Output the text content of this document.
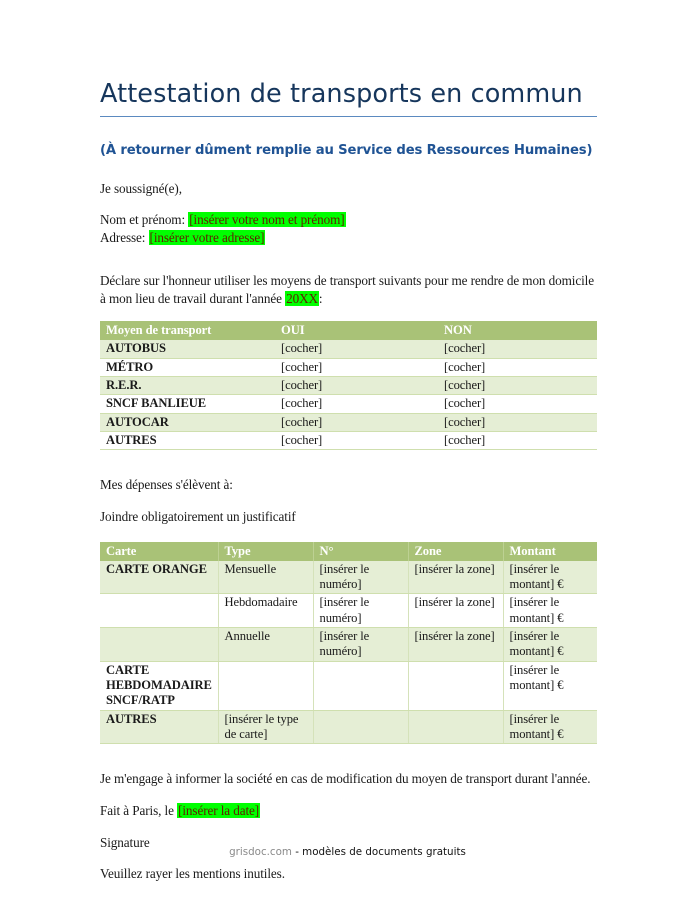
Attestation de transports en commun
(À retourner dûment remplie au Service des Ressources Humaines)

Je soussigné(e),

Nom et prénom: [insérer votre nom et prénom]

Adresse: [insérer votre adresse]

Déclare sur l'honneur utiliser les moyens de transport suivants pour me rendre de mon domicile à mon lieu de travail durant l'année 20XX:

Moyen de transport	OUI	NON
AUTOBUS	[cocher]	[cocher]
MÉTRO	[cocher]	[cocher]
R.E.R.	[cocher]	[cocher]
SNCF BANLIEUE	[cocher]	[cocher]
AUTOCAR	[cocher]	[cocher]
AUTRES	[cocher]	[cocher]

Mes dépenses s'élèvent à:

Joindre obligatoirement un justificatif

Carte	Type	N°	Zone	Montant
CARTE ORANGE	Mensuelle	[insérer le numéro]	[insérer la zone]	[insérer le montant] €
	Hebdomadaire	[insérer le numéro]	[insérer la zone]	[insérer le montant] €
	Annuelle	[insérer le numéro]	[insérer la zone]	[insérer le montant] €
CARTE HEBDOMADAIRE SNCF/RATP				[insérer le montant] €
AUTRES	[insérer le type de carte]			[insérer le montant] €

Je m'engage à informer la société en cas de modification du moyen de transport durant l'année.

Fait à Paris, le [insérer la date]

Signature

Veuillez rayer les mentions inutiles.

grisdoc.com - modèles de documents gratuits
